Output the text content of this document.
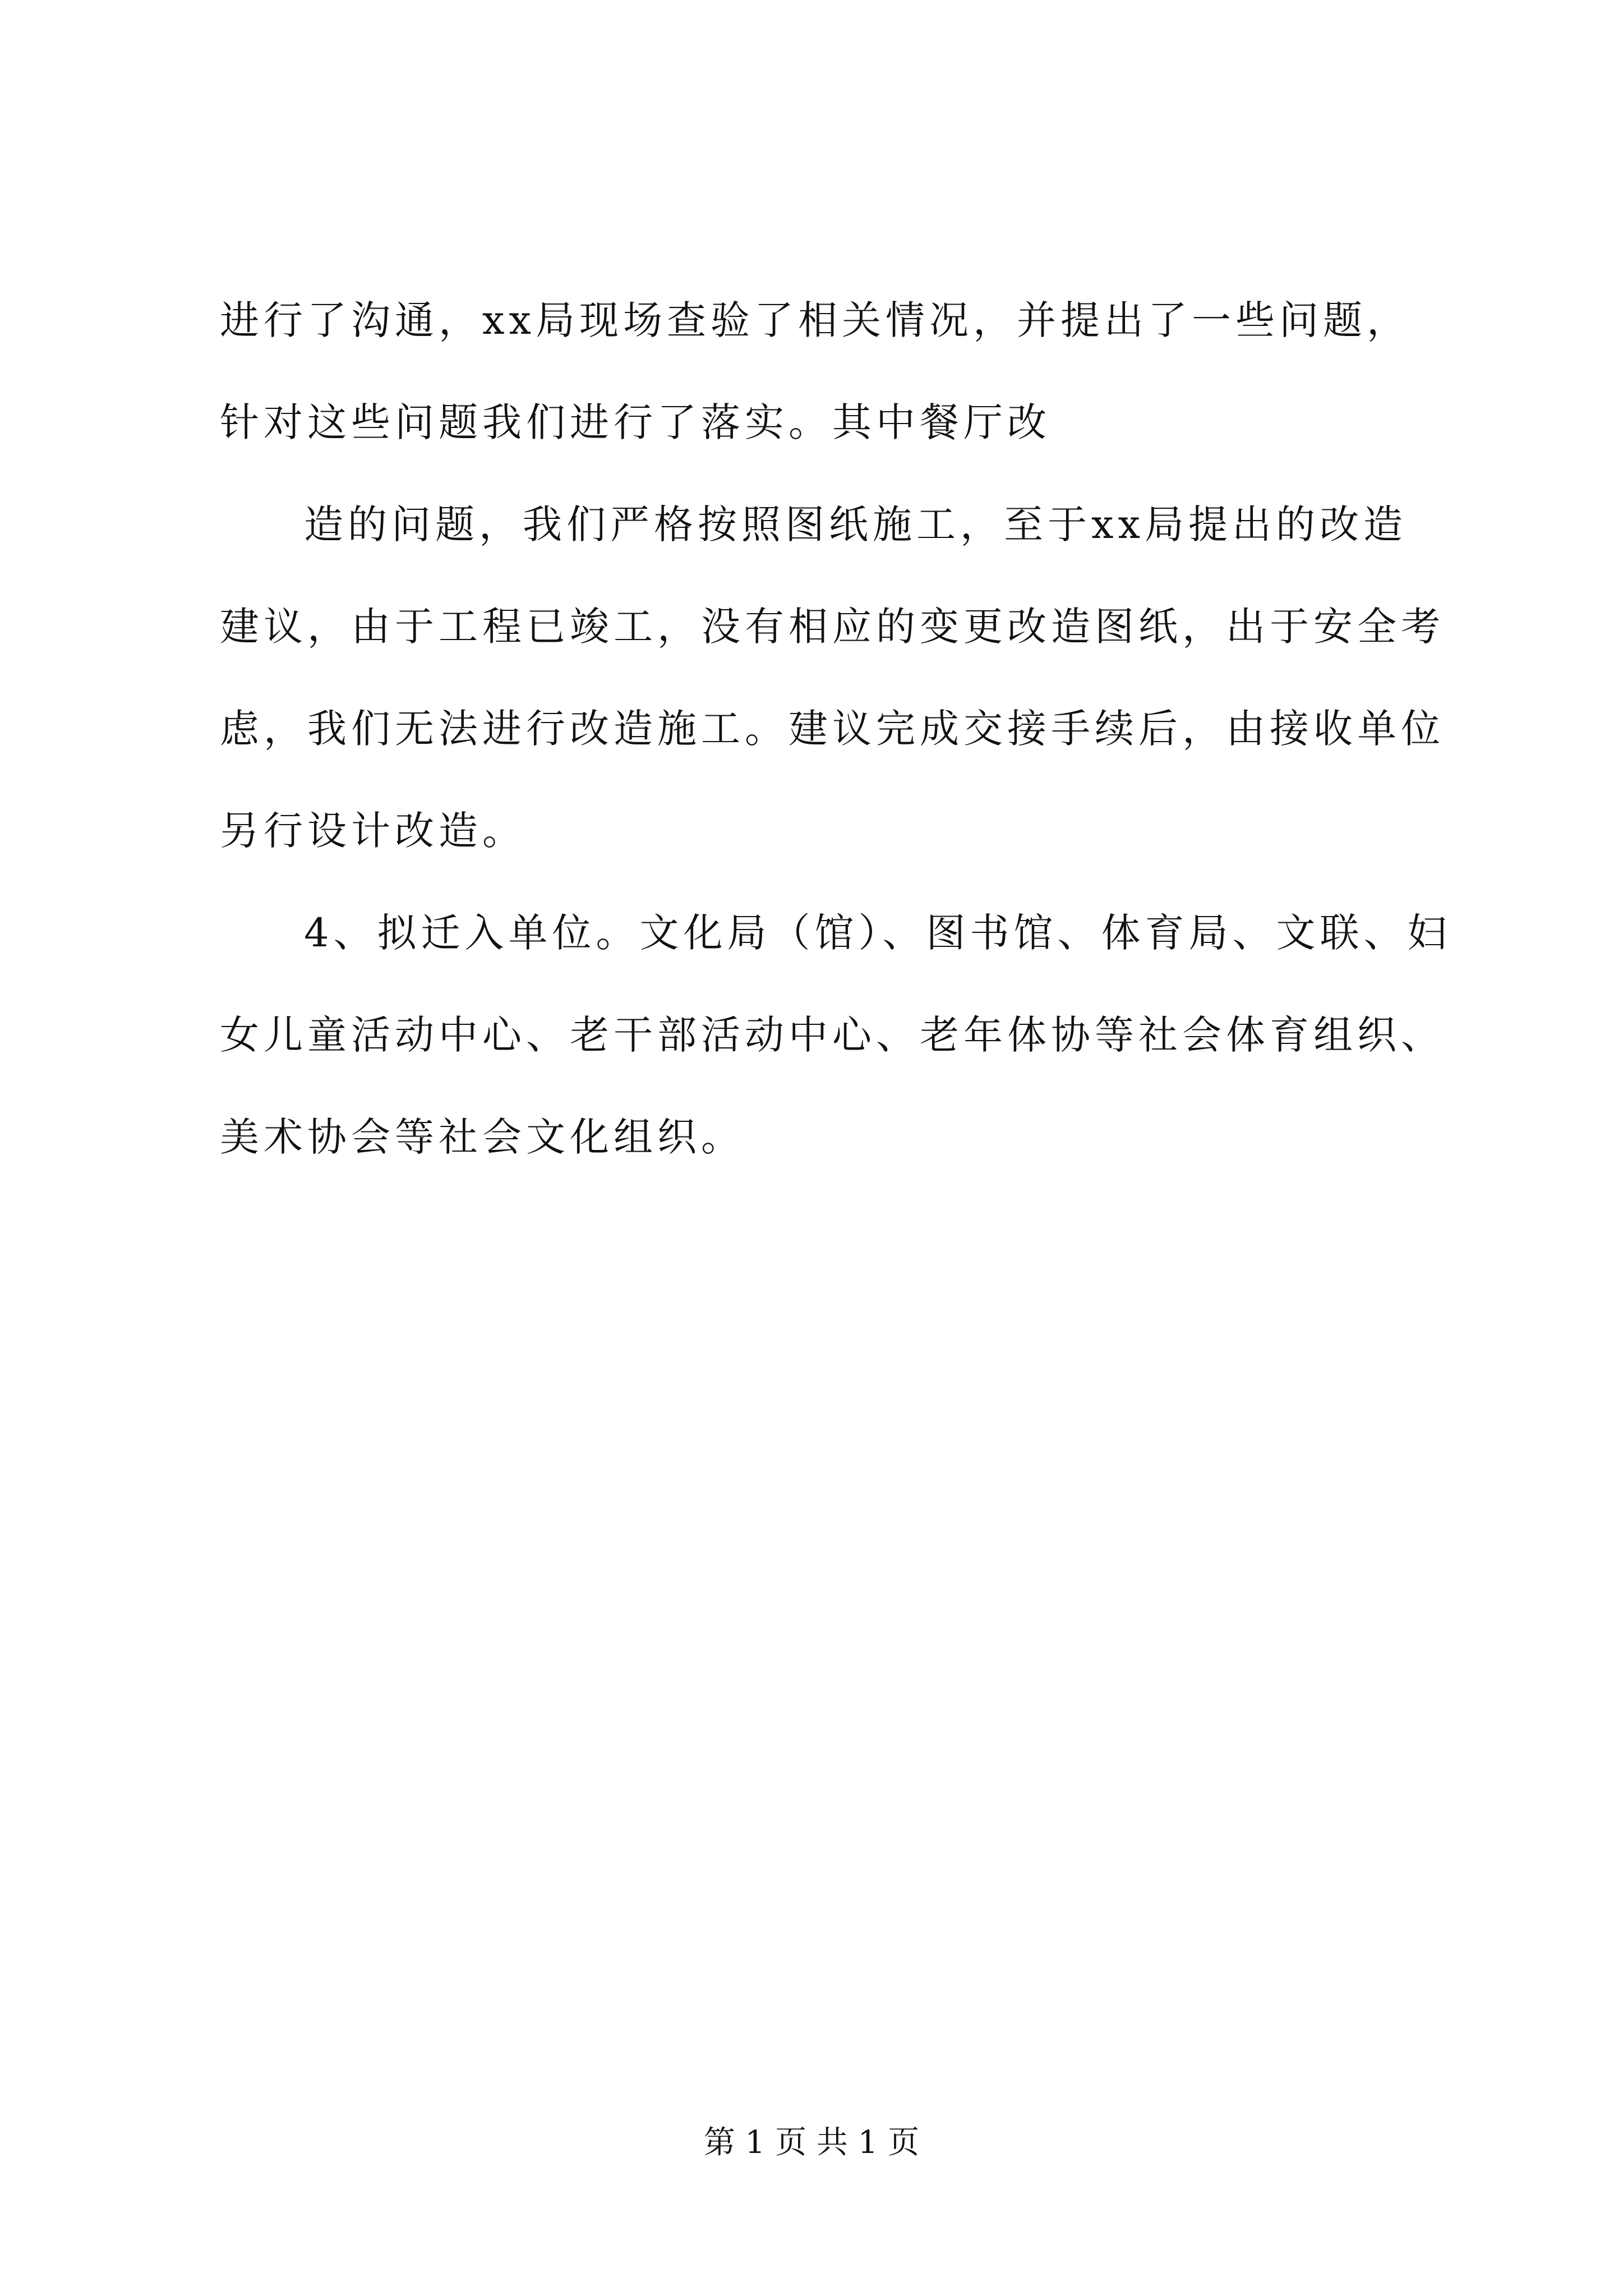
进行了沟通，xx局现场查验了相关情况，并提出了一些问题，
针对这些问题我们进行了落实。其中餐厅改
造的问题，我们严格按照图纸施工，至于xx局提出的改造
建议，由于工程已竣工，没有相应的变更改造图纸，出于安全考
虑，我们无法进行改造施工。建议完成交接手续后，由接收单位
另行设计改造。
4、拟迁入单位。文化局（馆）、图书馆、体育局、文联、妇
女儿童活动中心、老干部活动中心、老年体协等社会体育组织、
美术协会等社会文化组织。
第 1 页 共 1 页
